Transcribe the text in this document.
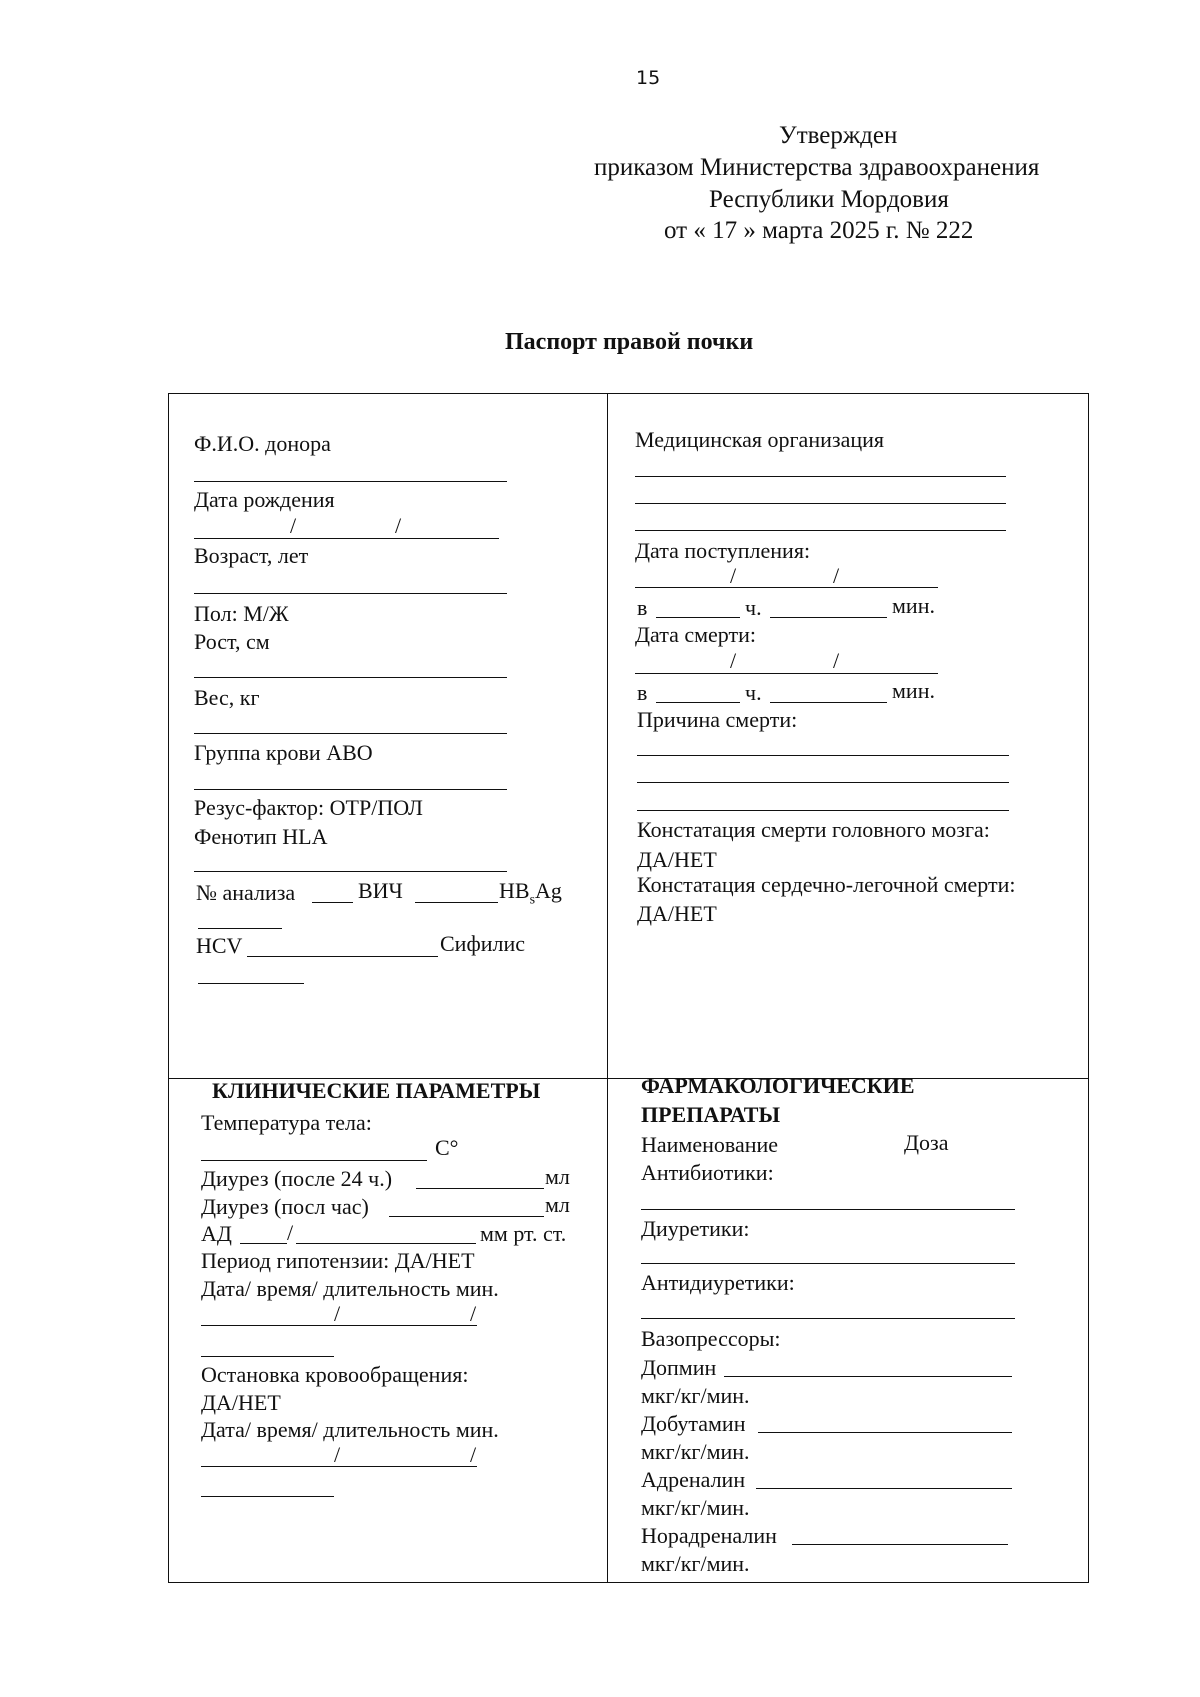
15
Утвержден
приказом Министерства здравоохранения
Республики Мордовия
от « 17 » марта 2025 г. № 222
Паспорт правой почки
Ф.И.О. донора
Дата рождения
/	/
Возраст, лет
Пол: М/Ж
Рост, см
Вес, кг
Группа крови АВО
Резус-фактор: ОТР/ПОЛ
Фенотип HLA
№ анализа	ВИЧ	$HB_sAg$
HCV	Сифилис
Медицинская организация
Дата поступления:
/	/
в	ч.	мин.
Дата смерти:
/	/
в	ч.	мин.
Причина смерти:
Констатация смерти головного мозга:
ДА/НЕТ
Констатация сердечно-легочной смерти:
ДА/НЕТ
КЛИНИЧЕСКИЕ ПАРАМЕТРЫ
Температура тела:
С°
Диурез (после 24 ч.)	мл
Диурез (посл час)	мл
АД	/	мм рт. ст.
Период гипотензии: ДА/НЕТ
Дата/ время/ длительность мин.
/	/
Остановка кровообращения:
ДА/НЕТ
Дата/ время/ длительность мин.
/	/
ФАРМАКОЛОГИЧЕСКИЕ
ПРЕПАРАТЫ
Наименование	Доза
Антибиотики:
Диуретики:
Антидиуретики:
Вазопрессоры:
Допмин
мкг/кг/мин.
Добутамин
мкг/кг/мин.
Адреналин
мкг/кг/мин.
Норадреналин
мкг/кг/мин.
